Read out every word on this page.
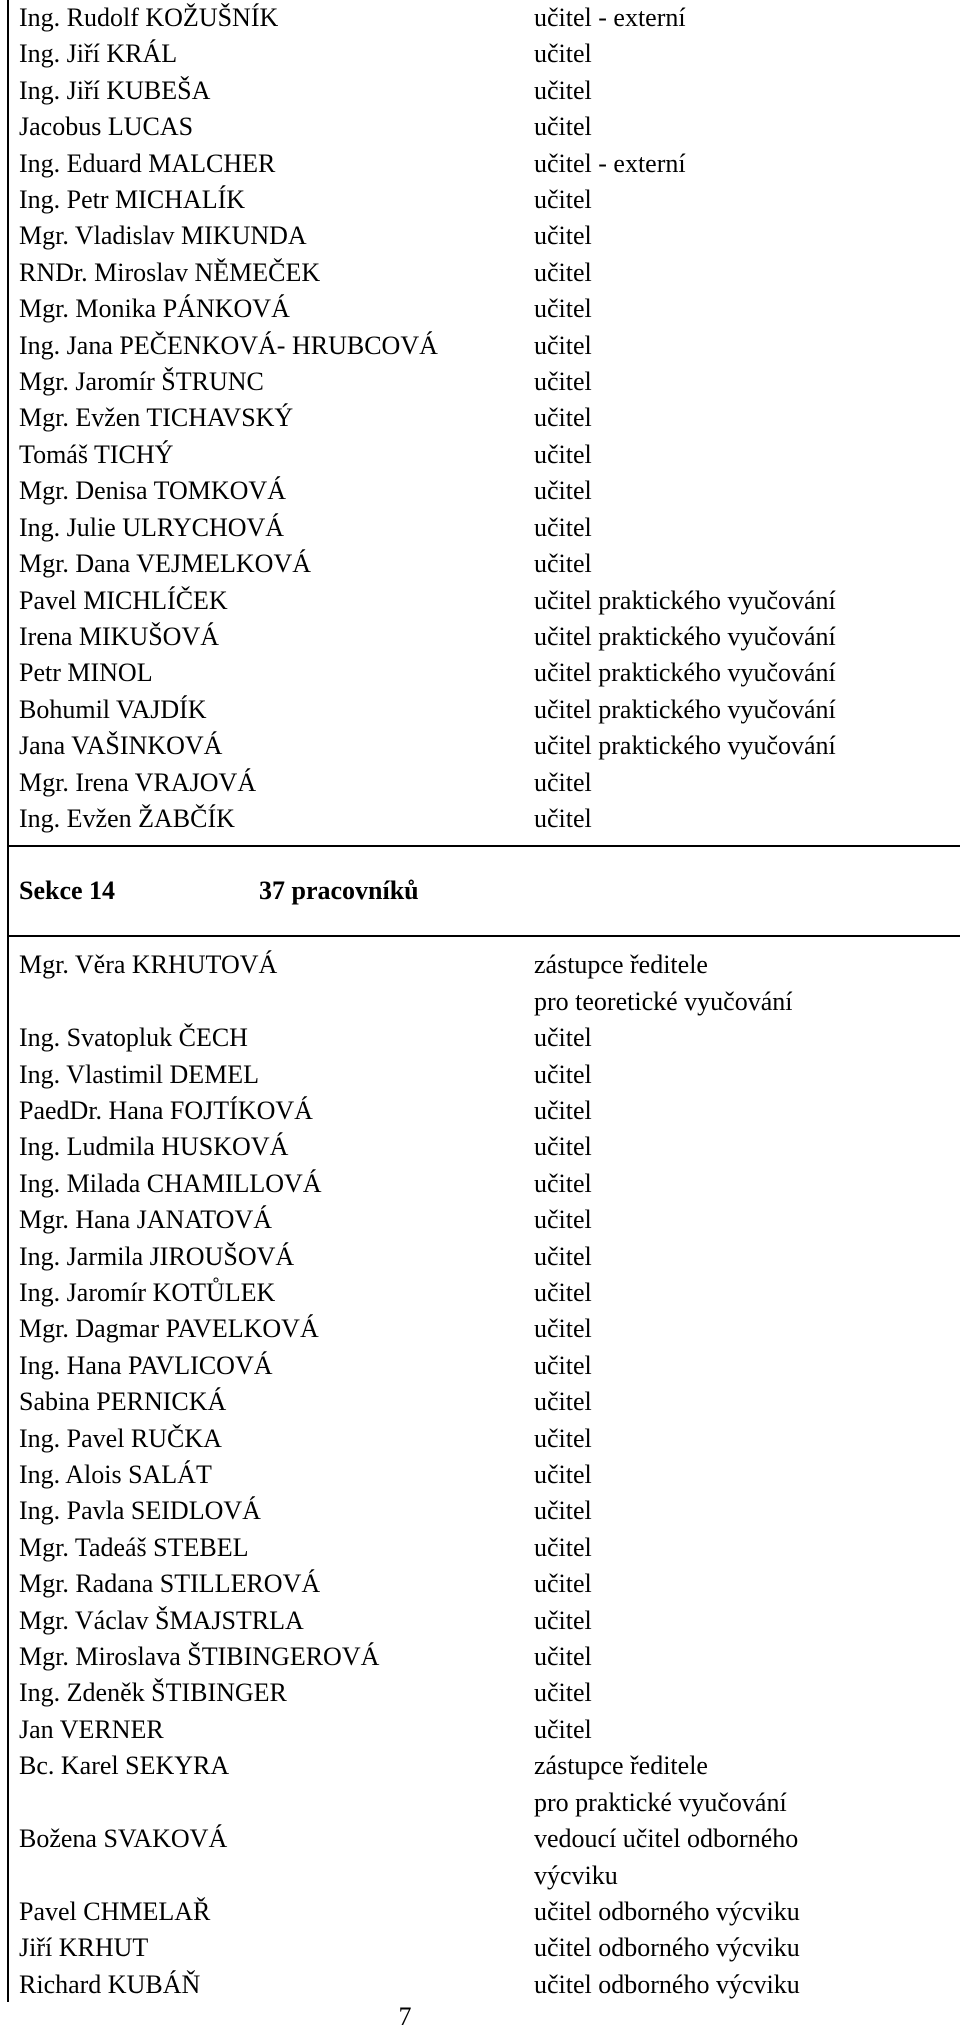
Ing. Rudolf KOŽUŠNÍK	učitel - externí
Ing. Jiří KRÁL	učitel
Ing. Jiří KUBEŠA	učitel
Jacobus LUCAS	učitel
Ing. Eduard MALCHER	učitel - externí
Ing. Petr MICHALÍK	učitel
Mgr. Vladislav MIKUNDA	učitel
RNDr. Miroslav NĚMEČEK	učitel
Mgr. Monika PÁNKOVÁ	učitel
Ing. Jana PEČENKOVÁ- HRUBCOVÁ	učitel
Mgr. Jaromír ŠTRUNC	učitel
Mgr. Evžen TICHAVSKÝ	učitel
Tomáš TICHÝ	učitel
Mgr. Denisa TOMKOVÁ	učitel
Ing. Julie ULRYCHOVÁ	učitel
Mgr. Dana VEJMELKOVÁ	učitel
Pavel MICHLÍČEK	učitel praktického vyučování
Irena MIKUŠOVÁ	učitel praktického vyučování
Petr MINOL	učitel praktického vyučování
Bohumil VAJDÍK	učitel praktického vyučování
Jana VAŠINKOVÁ	učitel praktického vyučování
Mgr. Irena VRAJOVÁ	učitel
Ing. Evžen ŽABČÍK	učitel
Sekce 14	37 pracovníků
Mgr. Věra KRHUTOVÁ	zástupce ředitele
pro teoretické vyučování
Ing. Svatopluk ČECH	učitel
Ing. Vlastimil DEMEL	učitel
PaedDr. Hana FOJTÍKOVÁ	učitel
Ing. Ludmila HUSKOVÁ	učitel
Ing. Milada CHAMILLOVÁ	učitel
Mgr. Hana JANATOVÁ	učitel
Ing. Jarmila JIROUŠOVÁ	učitel
Ing. Jaromír KOTŮLEK	učitel
Mgr. Dagmar PAVELKOVÁ	učitel
Ing. Hana PAVLICOVÁ	učitel
Sabina PERNICKÁ	učitel
Ing. Pavel RUČKA	učitel
Ing. Alois SALÁT	učitel
Ing. Pavla SEIDLOVÁ	učitel
Mgr. Tadeáš STEBEL	učitel
Mgr. Radana STILLEROVÁ	učitel
Mgr. Václav ŠMAJSTRLA	učitel
Mgr. Miroslava ŠTIBINGEROVÁ	učitel
Ing. Zdeněk ŠTIBINGER	učitel
Jan VERNER	učitel
Bc. Karel SEKYRA	zástupce ředitele
pro praktické vyučování
Božena SVAKOVÁ	vedoucí učitel odborného
výcviku
Pavel CHMELAŘ	učitel odborného výcviku
Jiří KRHUT	učitel odborného výcviku
Richard KUBÁŇ	učitel odborného výcviku
7
